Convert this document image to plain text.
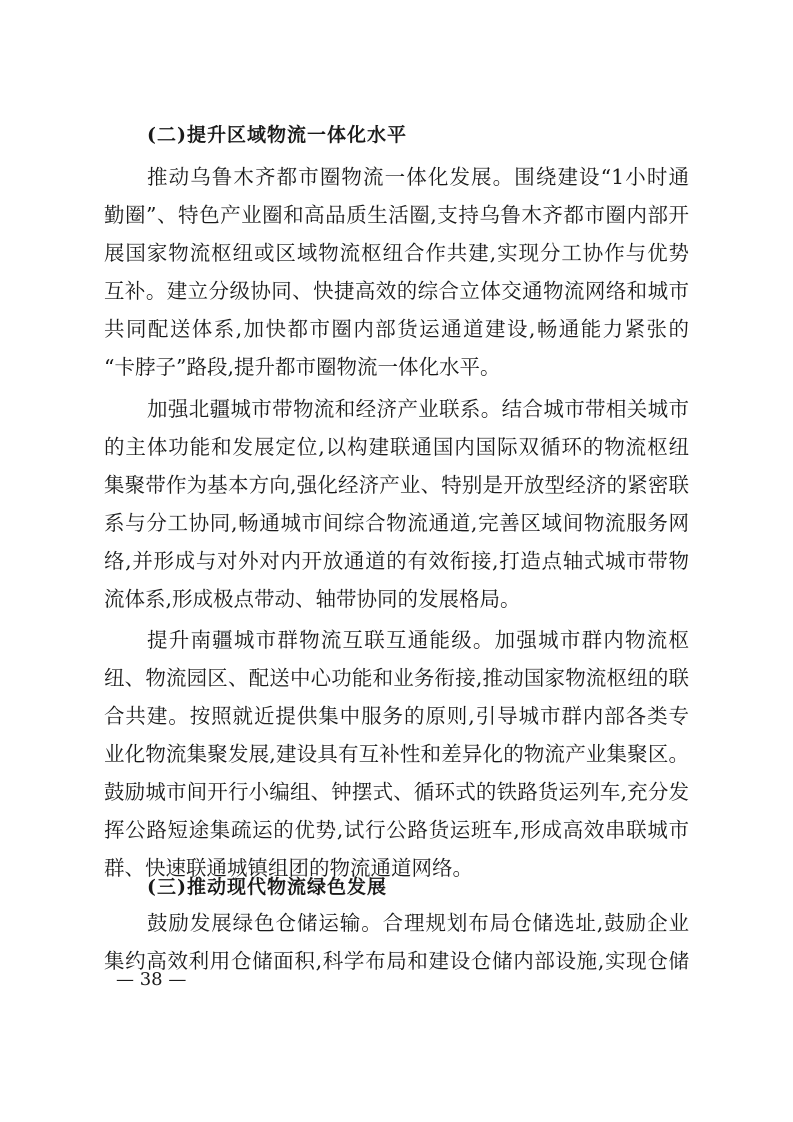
(二)提升区域物流一体化水平
推动乌鲁木齐都市圈物流一体化发展。围绕建设“1小时通
勤圈”、特色产业圈和高品质生活圈,支持乌鲁木齐都市圈内部开
展国家物流枢纽或区域物流枢纽合作共建,实现分工协作与优势
互补。建立分级协同、快捷高效的综合立体交通物流网络和城市
共同配送体系,加快都市圈内部货运通道建设,畅通能力紧张的
“卡脖子”路段,提升都市圈物流一体化水平。
加强北疆城市带物流和经济产业联系。结合城市带相关城市
的主体功能和发展定位,以构建联通国内国际双循环的物流枢纽
集聚带作为基本方向,强化经济产业、特别是开放型经济的紧密联
系与分工协同,畅通城市间综合物流通道,完善区域间物流服务网
络,并形成与对外对内开放通道的有效衔接,打造点轴式城市带物
流体系,形成极点带动、轴带协同的发展格局。
提升南疆城市群物流互联互通能级。加强城市群内物流枢
纽、物流园区、配送中心功能和业务衔接,推动国家物流枢纽的联
合共建。按照就近提供集中服务的原则,引导城市群内部各类专
业化物流集聚发展,建设具有互补性和差异化的物流产业集聚区。
鼓励城市间开行小编组、钟摆式、循环式的铁路货运列车,充分发
挥公路短途集疏运的优势,试行公路货运班车,形成高效串联城市
群、快速联通城镇组团的物流通道网络。
(三)推动现代物流绿色发展
鼓励发展绿色仓储运输。合理规划布局仓储选址,鼓励企业
集约高效利用仓储面积,科学布局和建设仓储内部设施,实现仓储
— 38 —
